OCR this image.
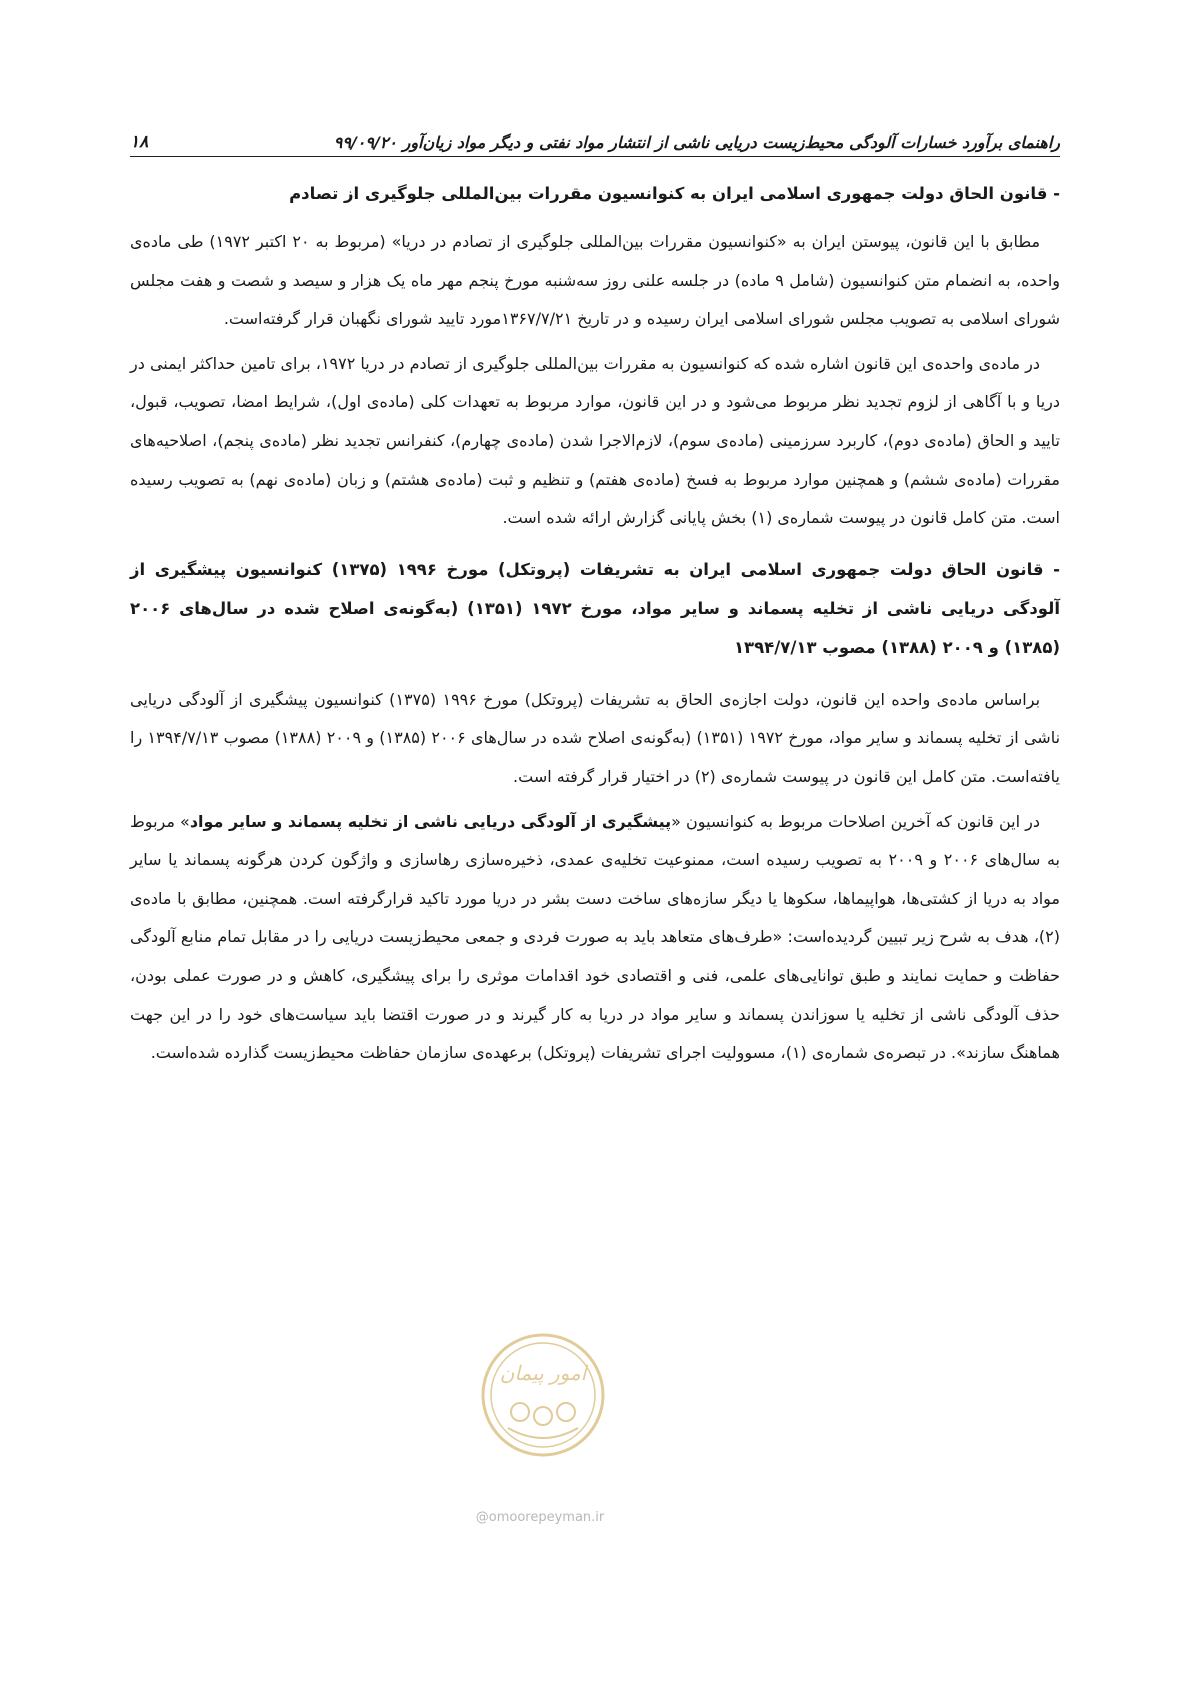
راهنمای برآورد خسارات آلودگی محیط‌زیست دریایی ناشی از انتشار مواد نفتی و دیگر مواد زیان‌آور ۹۹/۰۹/۲۰
۱۸
- قانون الحاق دولت جمهوری اسلامی ایران به کنوانسیون مقررات بین‌المللی جلوگیری از تصادم

مطابق با این قانون، پیوستن ایران به «کنوانسیون مقررات بین‌المللی جلوگیری از تصادم در دریا» (مربوط به ۲۰ اکتبر ۱۹۷۲) طی ماده‌ی واحده، به انضمام متن کنوانسیون (شامل ۹ ماده) در جلسه علنی روز سه‌شنبه مورخ پنجم مهر ماه یک هزار و سیصد و شصت و هفت مجلس شورای اسلامی به تصویب مجلس شورای اسلامی ایران رسیده و در تاریخ ۱۳۶۷/۷/۲۱مورد تایید شورای نگهبان قرار گرفته‌است.

در ماده‌ی واحده‌ی این قانون اشاره شده که کنوانسیون به مقررات بین‌المللی جلوگیری از تصادم در دریا ۱۹۷۲، برای تامین حداکثر ایمنی در دریا و با آگاهی از لزوم تجدید نظر مربوط می‌شود و در این قانون، موارد مربوط به تعهدات کلی (ماده‌ی اول)، شرایط امضا، تصویب، قبول، تایید و الحاق (ماده‌ی دوم)، کاربرد سرزمینی (ماده‌ی سوم)، لازم‌الاجرا شدن (ماده‌ی چهارم)، کنفرانس تجدید نظر (ماده‌ی پنجم)، اصلاحیه‌های مقررات (ماده‌ی ششم) و همچنین موارد مربوط به فسخ (ماده‌ی هفتم) و تنظیم و ثبت (ماده‌ی هشتم) و زبان (ماده‌ی نهم) به تصویب رسیده است. متن کامل قانون در پیوست شماره‌ی (۱) بخش پایانی گزارش ارائه شده است.

- قانون الحاق دولت جمهوری اسلامی ایران به تشریفات (پروتکل) مورخ ۱۹۹۶ (۱۳۷۵) کنوانسیون پیشگیری از آلودگی دریایی ناشی از تخلیه پسماند و سایر مواد، مورخ ۱۹۷۲ (۱۳۵۱) (به‌گونه‌ی اصلاح شده در سال‌های ۲۰۰۶ (۱۳۸۵) و ۲۰۰۹ (۱۳۸۸) مصوب ۱۳۹۴/۷/۱۳

براساس ماده‌ی واحده این قانون، دولت اجازه‌ی الحاق به تشریفات (پروتکل) مورخ ۱۹۹۶ (۱۳۷۵) کنوانسیون پیشگیری از آلودگی دریایی ناشی از تخلیه پسماند و سایر مواد، مورخ ۱۹۷۲ (۱۳۵۱) (به‌گونه‌ی اصلاح شده در سال‌های ۲۰۰۶ (۱۳۸۵) و ۲۰۰۹ (۱۳۸۸) مصوب ۱۳۹۴/۷/۱۳ را یافته‌است. متن کامل این قانون در پیوست شماره‌ی (۲) در اختیار قرار گرفته است.

در این قانون که آخرین اصلاحات مربوط به کنوانسیون «پیشگیری از آلودگی دریایی ناشی از تخلیه پسماند و سایر مواد» مربوط به سال‌های ۲۰۰۶ و ۲۰۰۹ به تصویب رسیده است، ممنوعیت تخلیه‌ی عمدی، ذخیره‌سازی رهاسازی و واژگون کردن هرگونه پسماند یا سایر مواد به دریا از کشتی‌ها، هواپیماها، سکوها یا دیگر سازه‌های ساخت دست بشر در دریا مورد تاکید قرارگرفته است. همچنین، مطابق با ماده‌ی (۲)، هدف به شرح زیر تبیین گردیده‌است: «طرف‌های متعاهد باید به صورت فردی و جمعی محیط‌زیست دریایی را در مقابل تمام منابع آلودگی حفاظت و حمایت نمایند و طبق توانایی‌های علمی، فنی و اقتصادی خود اقدامات موثری را برای پیشگیری، کاهش و در صورت عملی بودن، حذف آلودگی ناشی از تخلیه یا سوزاندن پسماند و سایر مواد در دریا به کار گیرند و در صورت اقتضا باید سیاست‌های خود را در این جهت هماهنگ سازند». در تبصره‌ی شماره‌ی (۱)، مسوولیت اجرای تشریفات (پروتکل) برعهده‌ی سازمان حفاظت محیط‌زیست گذارده شده‌است.

امور پیمان
@omoorepeyman.ir
